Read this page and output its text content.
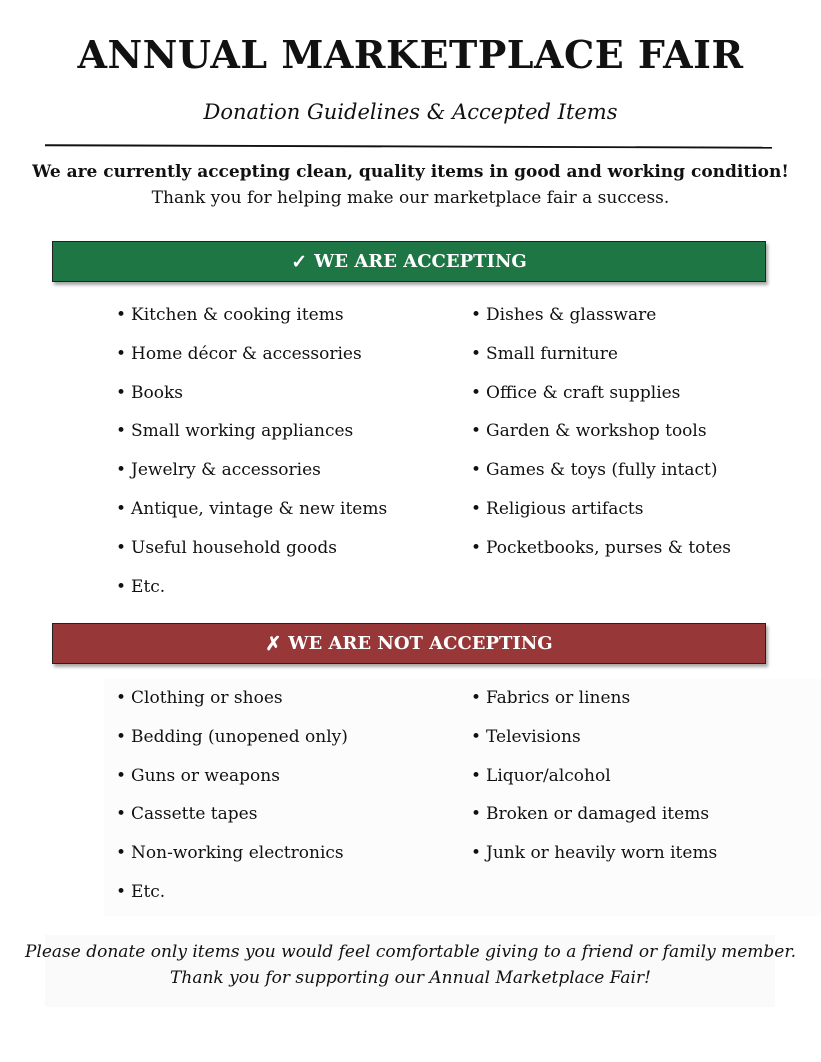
ANNUAL MARKETPLACE FAIR
Donation Guidelines & Accepted Items
We are currently accepting clean, quality items in good and working condition!
Thank you for helping make our marketplace fair a success.
✓ WE ARE ACCEPTING
• Kitchen & cooking items
• Home décor & accessories
• Books
• Small working appliances
• Jewelry & accessories
• Antique, vintage & new items
• Useful household goods
• Etc.
• Dishes & glassware
• Small furniture
• Office & craft supplies
• Garden & workshop tools
• Games & toys (fully intact)
• Religious artifacts
• Pocketbooks, purses & totes
✗ WE ARE NOT ACCEPTING
• Clothing or shoes
• Bedding (unopened only)
• Guns or weapons
• Cassette tapes
• Non-working electronics
• Etc.
• Fabrics or linens
• Televisions
• Liquor/alcohol
• Broken or damaged items
• Junk or heavily worn items
Please donate only items you would feel comfortable giving to a friend or family member.
Thank you for supporting our Annual Marketplace Fair!
